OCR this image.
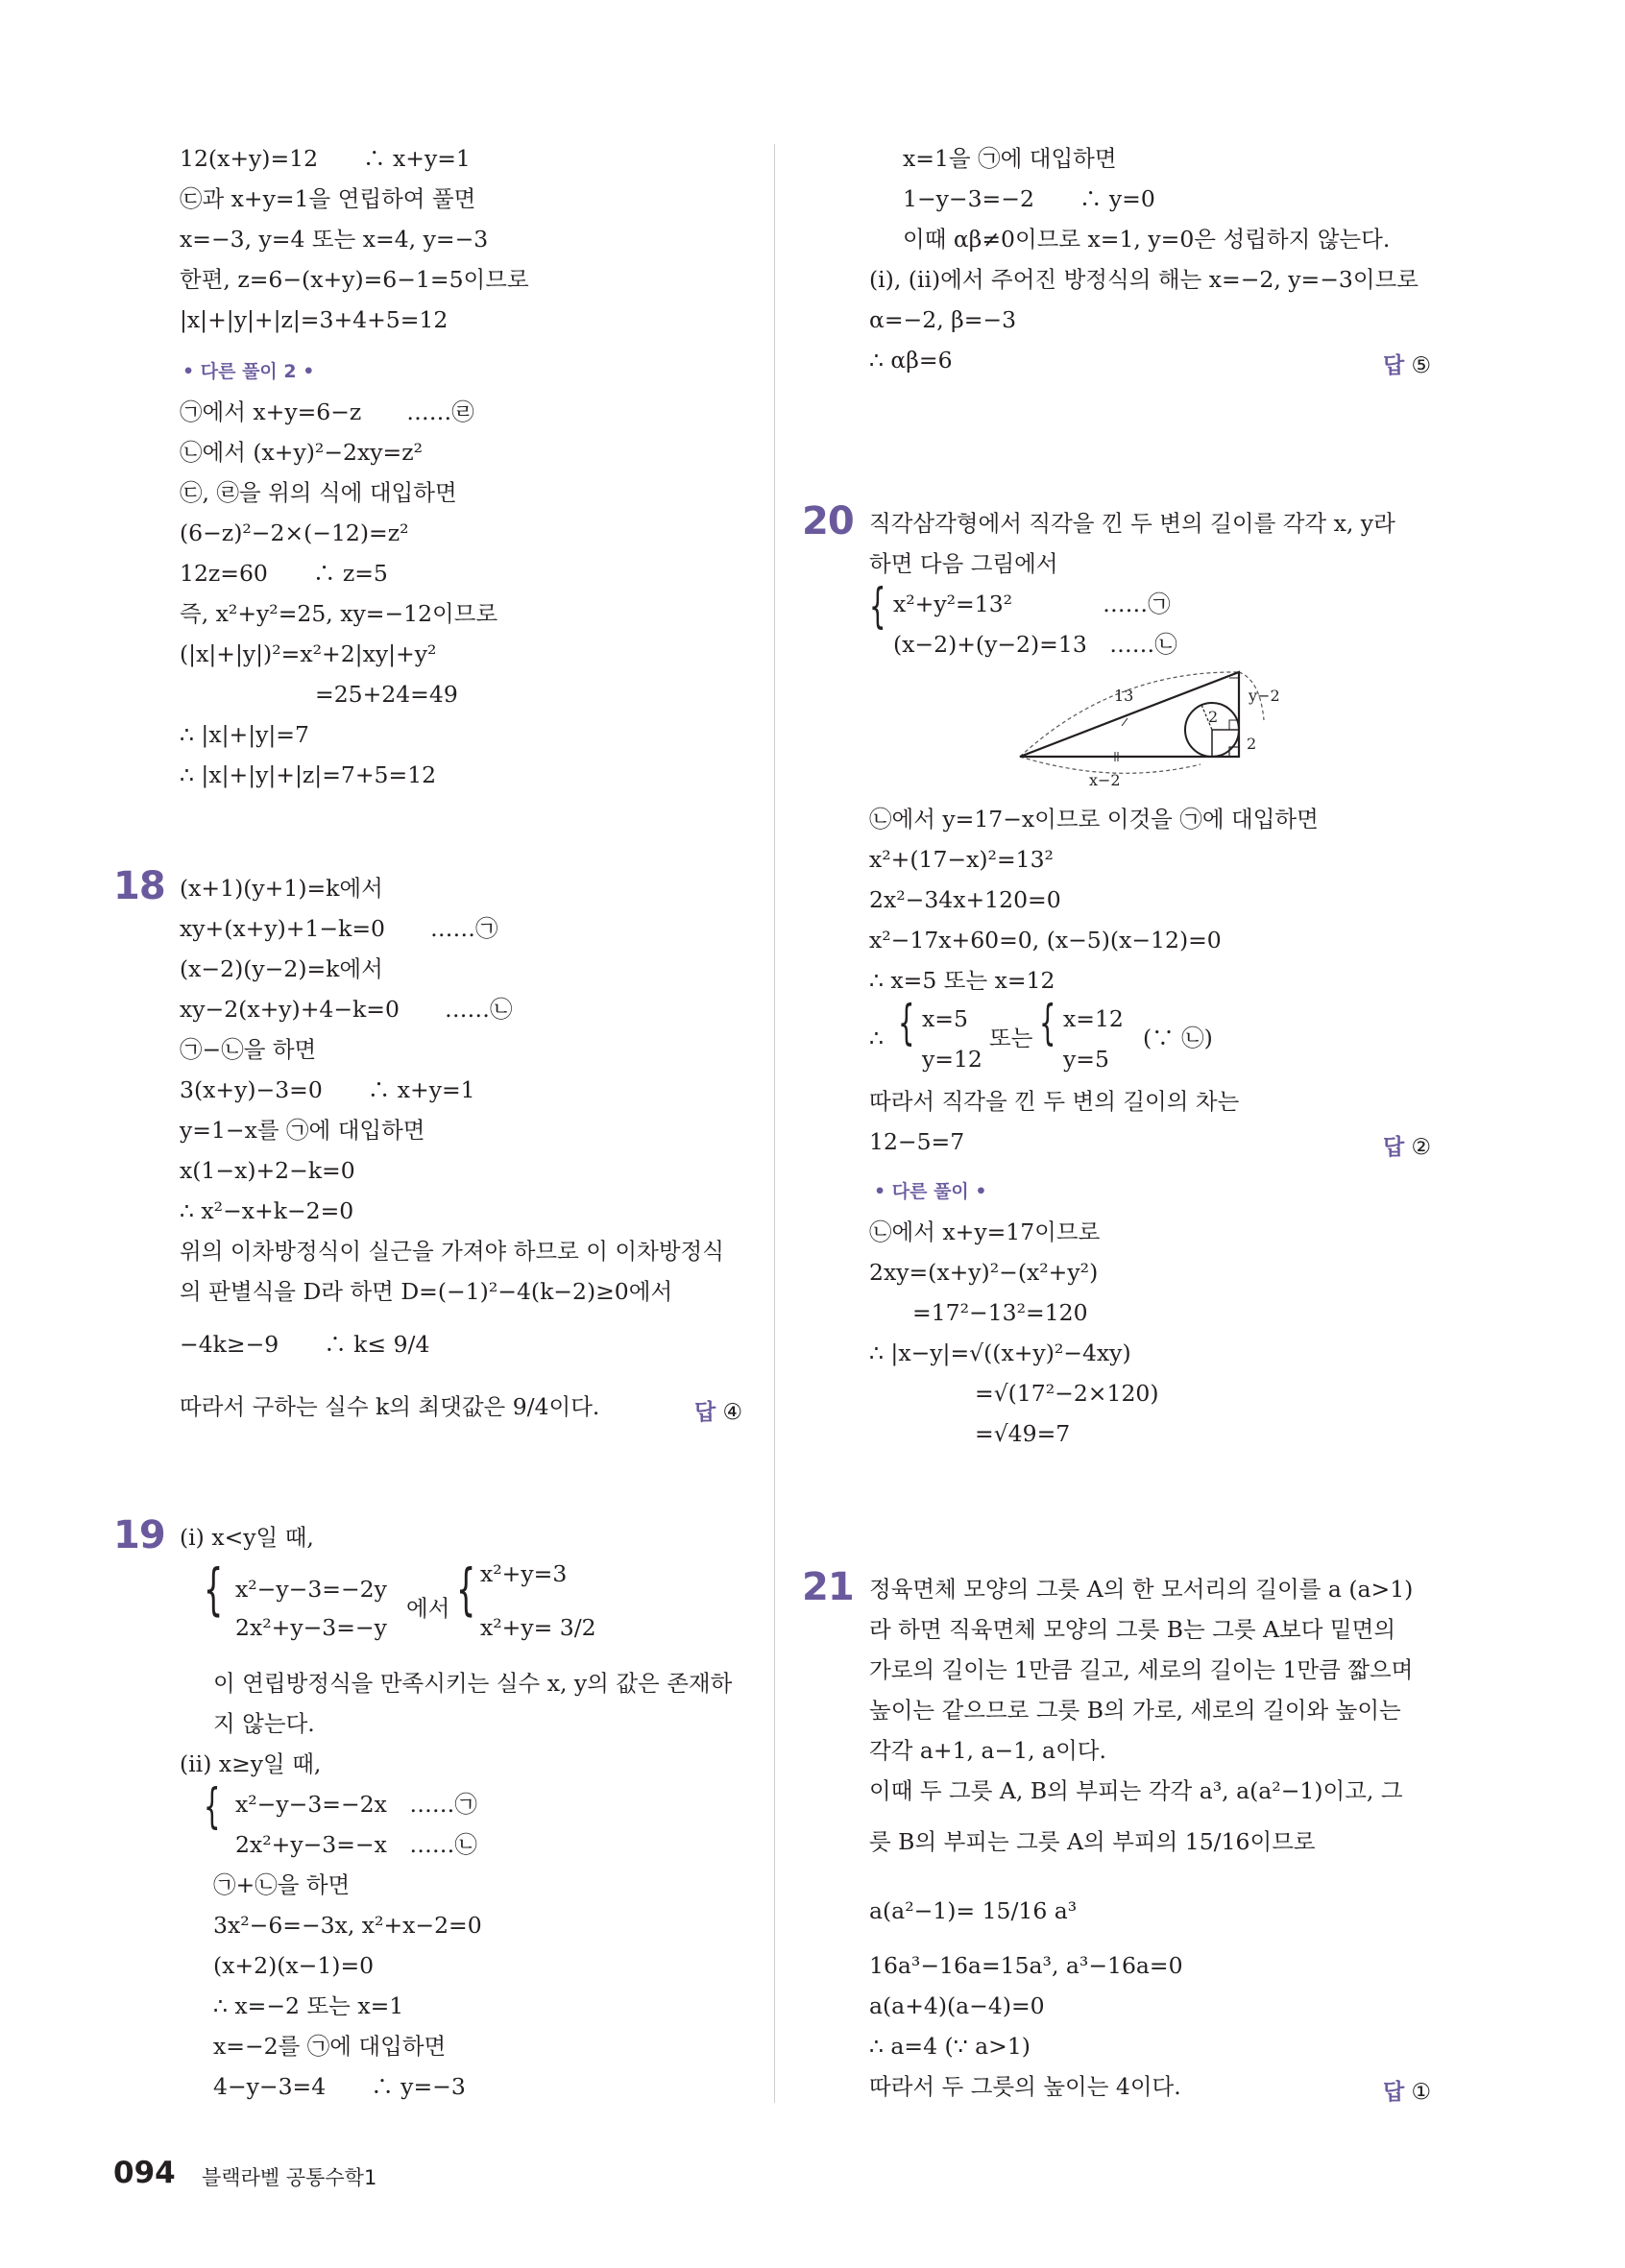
12(x+y)=12　　∴ x+y=1
㉢과 x+y=1을 연립하여 풀면
x=−3, y=4 또는 x=4, y=−3
한편, z=6−(x+y)=6−1=5이므로
|x|+|y|+|z|=3+4+5=12
• 다른 풀이 2 •
㉠에서 x+y=6−z　　……㉣
㉡에서 (x+y)²−2xy=z²
㉢, ㉣을 위의 식에 대입하면
(6−z)²−2×(−12)=z²
12z=60　　∴ z=5
즉, x²+y²=25, xy=−12이므로
(|x|+|y|)²=x²+2|xy|+y²
=25+24=49
∴ |x|+|y|=7
∴ |x|+|y|+|z|=7+5=12
18 (x+1)(y+1)=k에서
xy+(x+y)+1−k=0　　……㉠
(x−2)(y−2)=k에서
xy−2(x+y)+4−k=0　　……㉡
㉠−㉡을 하면
3(x+y)−3=0　　∴ x+y=1
y=1−x를 ㉠에 대입하면
x(1−x)+2−k=0
∴ x²−x+k−2=0
위의 이차방정식이 실근을 가져야 하므로 이 이차방정식
의 판별식을 D라 하면 D=(−1)²−4(k−2)≥0에서
−4k≥−9　　∴ k≤ 9/4
따라서 구하는 실수 k의 최댓값은 9/4이다.	답 ④
19 (ⅰ) x<y일 때,
{ x²−y−3=−2y
2x²+y−3=−y
에서 { x²+y=3
x²+y= 3/2
이 연립방정식을 만족시키는 실수 x, y의 값은 존재하
지 않는다.
(ⅱ) x≥y일 때,
{ x²−y−3=−2x　……㉠
2x²+y−3=−x　……㉡
㉠+㉡을 하면
3x²−6=−3x, x²+x−2=0
(x+2)(x−1)=0
∴ x=−2 또는 x=1
x=−2를 ㉠에 대입하면
4−y−3=4　　∴ y=−3
x=1을 ㉠에 대입하면
1−y−3=−2　　∴ y=0
이때 αβ≠0이므로 x=1, y=0은 성립하지 않는다.
(ⅰ), (ⅱ)에서 주어진 방정식의 해는 x=−2, y=−3이므로
α=−2, β=−3
∴ αβ=6	답 ⑤
20 직각삼각형에서 직각을 낀 두 변의 길이를 각각 x, y라
하면 다음 그림에서
{ x²+y²=13²　　　　……㉠
(x−2)+(y−2)=13　……㉡
13	y−2
2
2
x−2
㉡에서 y=17−x이므로 이것을 ㉠에 대입하면
x²+(17−x)²=13²
2x²−34x+120=0
x²−17x+60=0, (x−5)(x−12)=0
∴ x=5 또는 x=12
∴ { x=5
y=12
또는 { x=12
y=5
(∵ ㉡)
따라서 직각을 낀 두 변의 길이의 차는
12−5=7	답 ②
• 다른 풀이 •
㉡에서 x+y=17이므로
2xy=(x+y)²−(x²+y²)
=17²−13²=120
∴ |x−y|=√((x+y)²−4xy)
=√(17²−2×120)
=√49=7
21 정육면체 모양의 그릇 A의 한 모서리의 길이를 a (a>1)
라 하면 직육면체 모양의 그릇 B는 그릇 A보다 밑면의
가로의 길이는 1만큼 길고, 세로의 길이는 1만큼 짧으며
높이는 같으므로 그릇 B의 가로, 세로의 길이와 높이는
각각 a+1, a−1, a이다.
이때 두 그릇 A, B의 부피는 각각 a³, a(a²−1)이고, 그
릇 B의 부피는 그릇 A의 부피의 15/16이므로
a(a²−1)= 15/16 a³
16a³−16a=15a³, a³−16a=0
a(a+4)(a−4)=0
∴ a=4 (∵ a>1)
따라서 두 그릇의 높이는 4이다.	답 ①
094 블랙라벨 공통수학1
